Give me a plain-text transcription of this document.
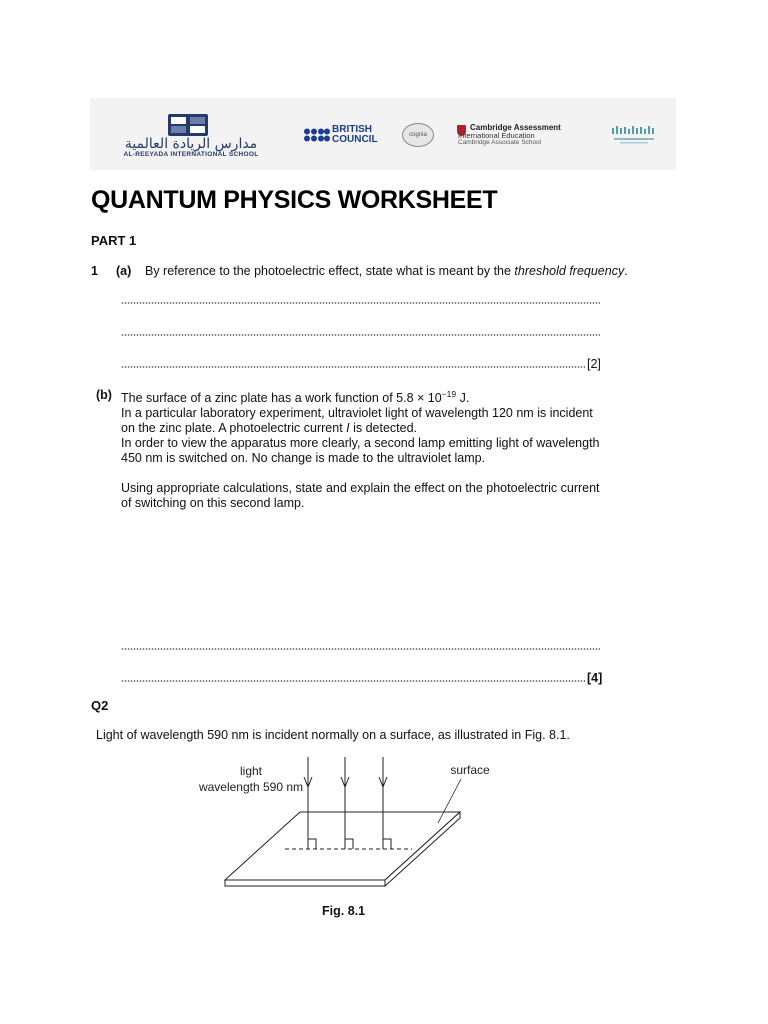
مدارس الريادة العالمية
AL-REEYADA INTERNATIONAL SCHOOL
BRITISH
COUNCIL	cognia
Cambridge Assessment
International Education
Cambridge Associate School
QUANTUM PHYSICS WORKSHEET
PART 1
1 (a) By reference to the photoelectric effect, state what is meant by the threshold frequency.
[2]
(b) The surface of a zinc plate has a work function of $5.8 \times 10^{-19}$ J.
In a particular laboratory experiment, ultraviolet light of wavelength 120 nm is incident
on the zinc plate. A photoelectric current I is detected.
In order to view the apparatus more clearly, a second lamp emitting light of wavelength
450 nm is switched on. No change is made to the ultraviolet lamp.
Using appropriate calculations, state and explain the effect on the photoelectric current
of switching on this second lamp.
[4]
Q2
Light of wavelength 590 nm is incident normally on a surface, as illustrated in Fig. 8.1.
light
wavelength 590 nm
surface
Fig. 8.1
